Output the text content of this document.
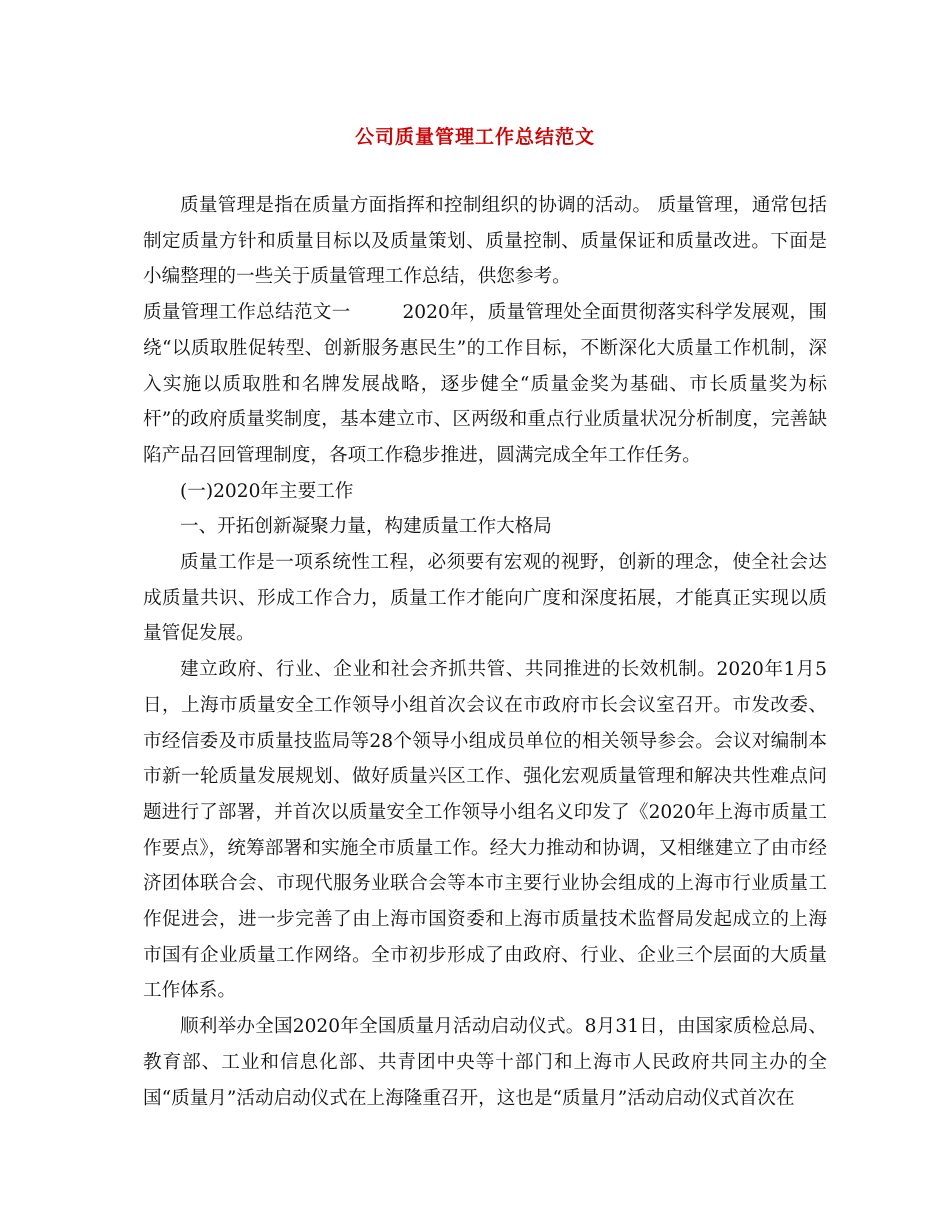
公司质量管理工作总结范文

质量管理是指在质量方面指挥和控制组织的协调的活动。 质量管理，通常包括制定质量方针和质量目标以及质量策划、质量控制、质量保证和质量改进。下面是小编整理的一些关于质量管理工作总结，供您参考。

质量管理工作总结范文一	2020年，质量管理处全面贯彻落实科学发展观，围绕“以质取胜促转型、创新服务惠民生”的工作目标，不断深化大质量工作机制，深入实施以质取胜和名牌发展战略，逐步健全“质量金奖为基础、市长质量奖为标杆”的政府质量奖制度，基本建立市、区两级和重点行业质量状况分析制度，完善缺陷产品召回管理制度，各项工作稳步推进，圆满完成全年工作任务。

(一)2020年主要工作

一、开拓创新凝聚力量，构建质量工作大格局

质量工作是一项系统性工程，必须要有宏观的视野，创新的理念，使全社会达成质量共识、形成工作合力，质量工作才能向广度和深度拓展，才能真正实现以质量管促发展。

建立政府、行业、企业和社会齐抓共管、共同推进的长效机制。2020年1月5日，上海市质量安全工作领导小组首次会议在市政府市长会议室召开。市发改委、市经信委及市质量技监局等28个领导小组成员单位的相关领导参会。会议对编制本市新一轮质量发展规划、做好质量兴区工作、强化宏观质量管理和解决共性难点问题进行了部署，并首次以质量安全工作领导小组名义印发了《2020年上海市质量工作要点》，统筹部署和实施全市质量工作。经大力推动和协调，又相继建立了由市经济团体联合会、市现代服务业联合会等本市主要行业协会组成的上海市行业质量工作促进会，进一步完善了由上海市国资委和上海市质量技术监督局发起成立的上海市国有企业质量工作网络。全市初步形成了由政府、行业、企业三个层面的大质量工作体系。

顺利举办全国2020年全国质量月活动启动仪式。8月31日，由国家质检总局、教育部、工业和信息化部、共青团中央等十部门和上海市人民政府共同主办的全国“质量月”活动启动仪式在上海隆重召开，这也是“质量月”活动启动仪式首次在
